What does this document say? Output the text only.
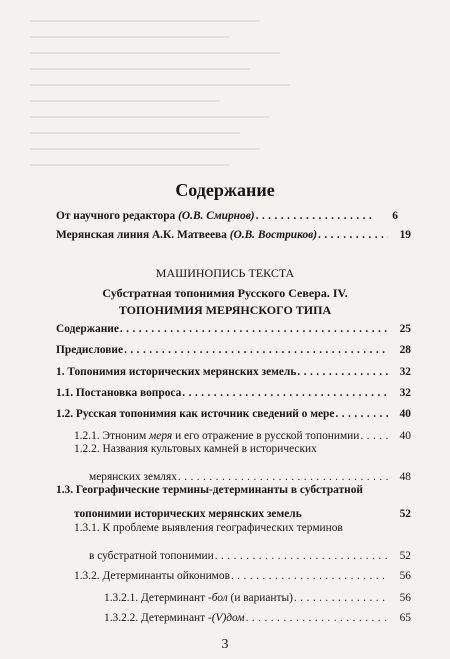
Содержание
От научного редактора (О.В. Смирнов) . . .	6
Мерянская линия А.К. Матвеева (О.В. Востриков) . . .	19
МАШИНОПИСЬ ТЕКСТА
Субстратная топонимия Русского Севера. IV.
ТОПОНИМИЯ МЕРЯНСКОГО ТИПА
Содержание . . .	25
Предисловие . . .	28
1. Топонимия исторических мерянских земель . . .	32
1.1. Постановка вопроса . . .	32
1.2. Русская топонимия как источник сведений о мере . . .	40
1.2.1. Этноним меря и его отражение в русской топонимии . . .	40
1.2.2. Названия культовых камней в исторических
мерянских землях . . .	48
1.3. Географические термины-детерминанты в субстратной
топонимии исторических мерянских земель	52
1.3.1. К проблеме выявления географических терминов
в субстратной топонимии . . .	52
1.3.2. Детерминанты ойконимов . . .	56
1.3.2.1. Детерминант -бол (и варианты) . . .	56
1.3.2.2. Детерминант -(V)дом . . .	65
3
